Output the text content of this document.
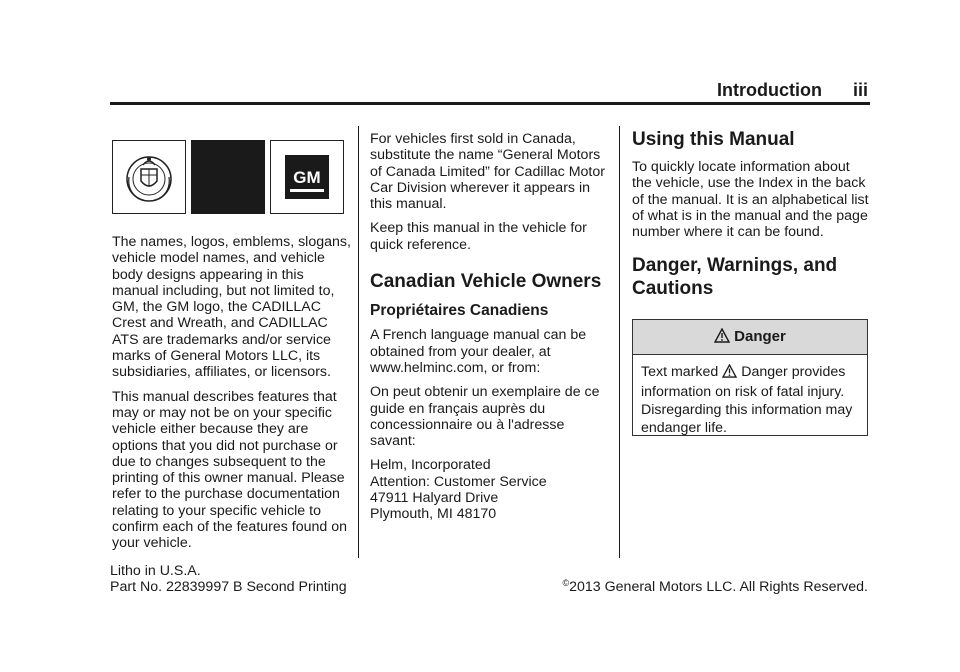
Introduction iii
GM

The names, logos, emblems, slogans, vehicle model names, and vehicle body designs appearing in this manual including, but not limited to, GM, the GM logo, the CADILLAC Crest and Wreath, and CADILLAC ATS are trademarks and/or service marks of General Motors LLC, its subsidiaries, affiliates, or licensors.

This manual describes features that may or may not be on your specific vehicle either because they are options that you did not purchase or due to changes subsequent to the printing of this owner manual. Please refer to the purchase documentation relating to your specific vehicle to confirm each of the features found on your vehicle.

For vehicles first sold in Canada, substitute the name “General Motors of Canada Limited” for Cadillac Motor Car Division wherever it appears in this manual.

Keep this manual in the vehicle for quick reference.

Canadian Vehicle Owners
Propriétaires Canadiens

A French language manual can be obtained from your dealer, at www.helminc.com, or from:

On peut obtenir un exemplaire de ce guide en français auprès du concessionnaire ou à l'adresse savant:

Helm, Incorporated
Attention: Customer Service
47911 Halyard Drive
Plymouth, MI 48170
Using this Manual

To quickly locate information about the vehicle, use the Index in the back of the manual. It is an alphabetical list of what is in the manual and the page number where it can be found.

Danger, Warnings, and
Cautions
Danger
Text marked Danger provides information on risk of fatal injury. Disregarding this information may endanger life.
Litho in U.S.A.
Part No. 22839997 B Second Printing	©2013 General Motors LLC. All Rights Reserved.
